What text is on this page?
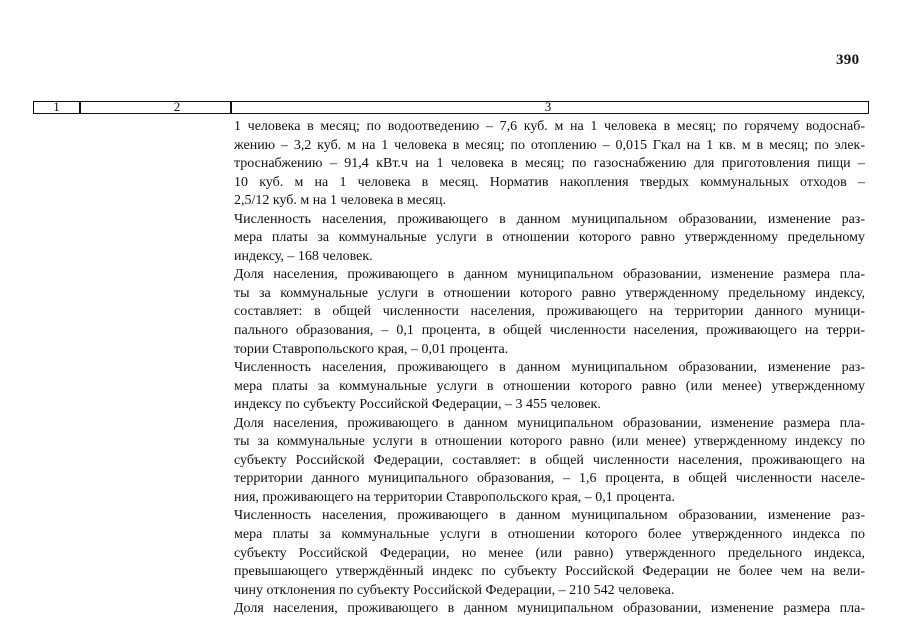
390
1	2	3
1 человека в месяц; по водоотведению – 7,6 куб. м на 1 человека в месяц; по горячему водоснаб-
жению – 3,2 куб. м на 1 человека в месяц; по отоплению – 0,015 Гкал на 1 кв. м в месяц; по элек-
троснабжению – 91,4 кВт.ч на 1 человека в месяц; по газоснабжению для приготовления пищи –
10 куб. м на 1 человека в месяц. Норматив накопления твердых коммунальных отходов –
2,5/12 куб. м на 1 человека в месяц.
Численность населения, проживающего в данном муниципальном образовании, изменение раз-
мера платы за коммунальные услуги в отношении которого равно утвержденному предельному
индексу, – 168 человек.
Доля населения, проживающего в данном муниципальном образовании, изменение размера пла-
ты за коммунальные услуги в отношении которого равно утвержденному предельному индексу,
составляет: в общей численности населения, проживающего на территории данного муници-
пального образования, – 0,1 процента, в общей численности населения, проживающего на терри-
тории Ставропольского края, – 0,01 процента.
Численность населения, проживающего в данном муниципальном образовании, изменение раз-
мера платы за коммунальные услуги в отношении которого равно (или менее) утвержденному
индексу по субъекту Российской Федерации, – 3 455 человек.
Доля населения, проживающего в данном муниципальном образовании, изменение размера пла-
ты за коммунальные услуги в отношении которого равно (или менее) утвержденному индексу по
субъекту Российской Федерации, составляет: в общей численности населения, проживающего на
территории данного муниципального образования, – 1,6 процента, в общей численности населе-
ния, проживающего на территории Ставропольского края, – 0,1 процента.
Численность населения, проживающего в данном муниципальном образовании, изменение раз-
мера платы за коммунальные услуги в отношении которого более утвержденного индекса по
субъекту Российской Федерации, но менее (или равно) утвержденного предельного индекса,
превышающего утверждённый индекс по субъекту Российской Федерации не более чем на вели-
чину отклонения по субъекту Российской Федерации, – 210 542 человека.
Доля населения, проживающего в данном муниципальном образовании, изменение размера пла-
